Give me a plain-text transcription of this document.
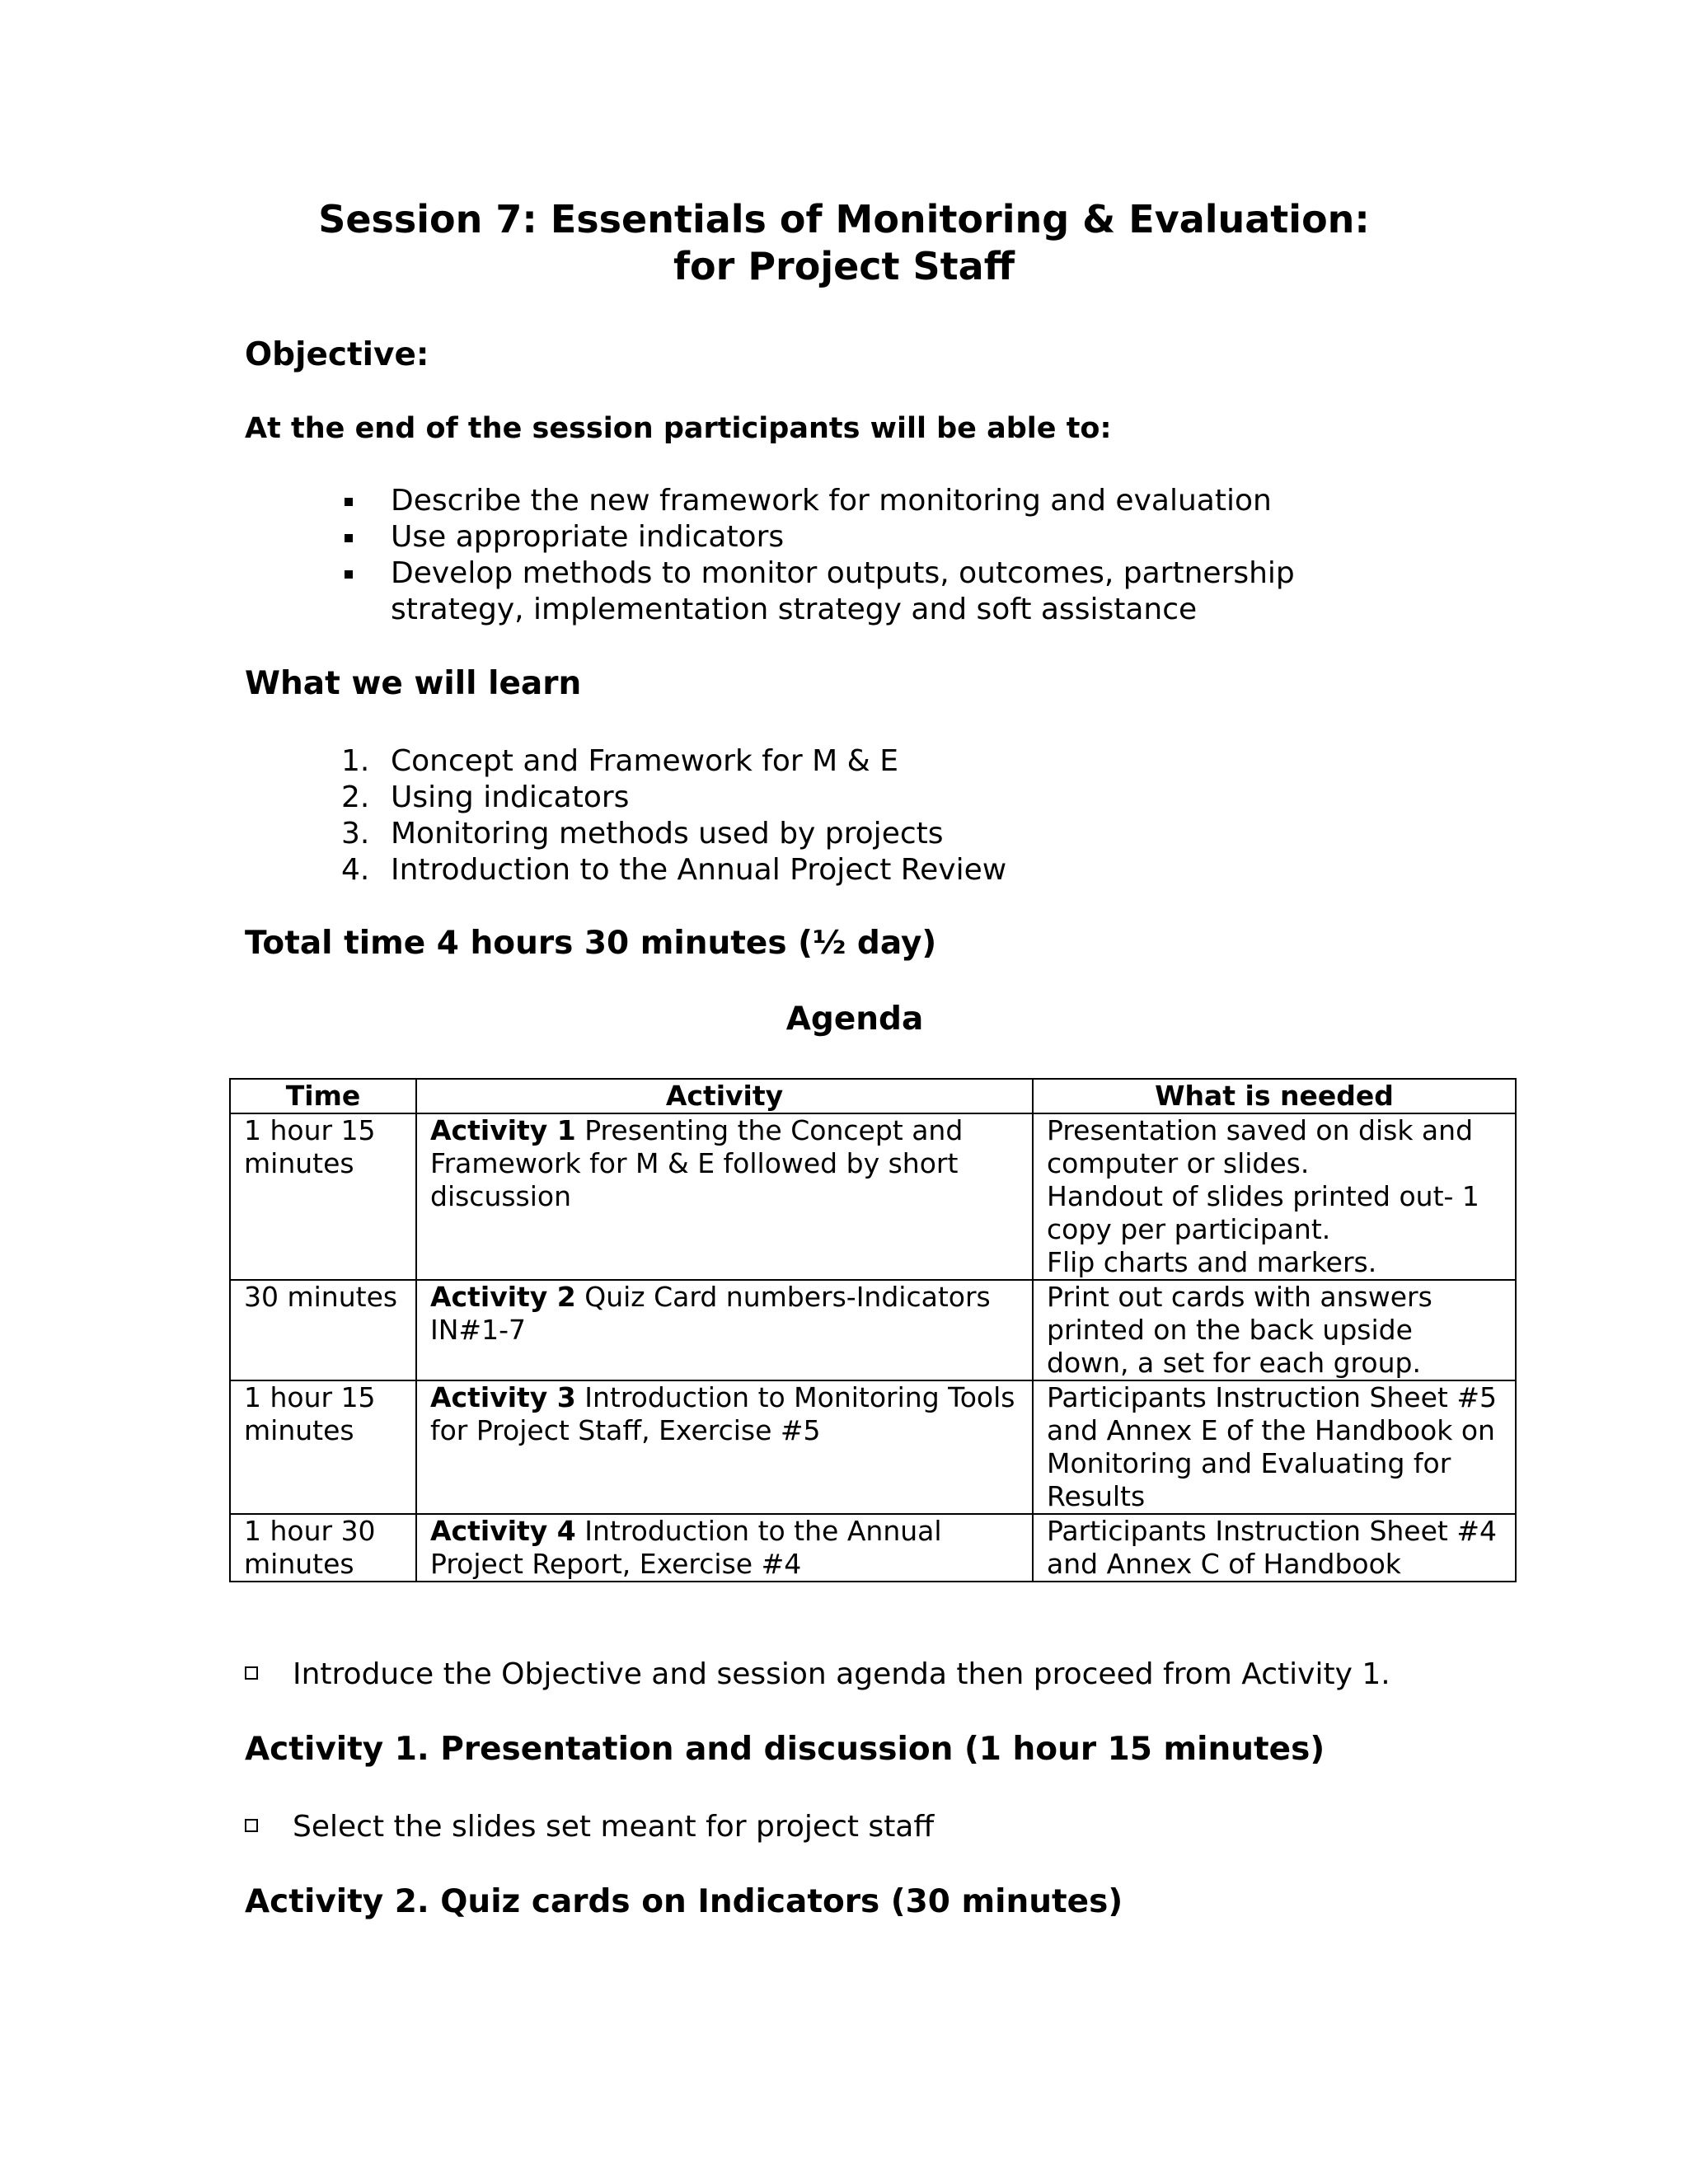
Session 7: Essentials of Monitoring & Evaluation:
for Project Staff
Objective:
At the end of the session participants will be able to:
Describe the new framework for monitoring and evaluation
Use appropriate indicators
Develop methods to monitor outputs, outcomes, partnership strategy, implementation strategy and soft assistance
What we will learn
1. Concept and Framework for M & E
2. Using indicators
3. Monitoring methods used by projects
4. Introduction to the Annual Project Review
Total time 4 hours 30 minutes (½ day)
Agenda
Time	Activity	What is needed
1 hour 15 minutes	Activity 1 Presenting the Concept and Framework for M & E followed by short discussion	Presentation saved on disk and computer or slides.
Handout of slides printed out- 1 copy per participant.
Flip charts and markers.

30 minutes	Activity 2 Quiz Card numbers-Indicators IN#1-7	Print out cards with answers printed on the back upside down, a set for each group.

1 hour 15 minutes	Activity 3 Introduction to Monitoring Tools for Project Staff, Exercise #5	Participants Instruction Sheet #5 and Annex E of the Handbook on Monitoring and Evaluating for Results

1 hour 30 minutes	Activity 4 Introduction to the Annual Project Report, Exercise #4	Participants Instruction Sheet #4 and Annex C of Handbook
Introduce the Objective and session agenda then proceed from Activity 1.
Activity 1. Presentation and discussion (1 hour 15 minutes)
Select the slides set meant for project staff
Activity 2. Quiz cards on Indicators (30 minutes)
